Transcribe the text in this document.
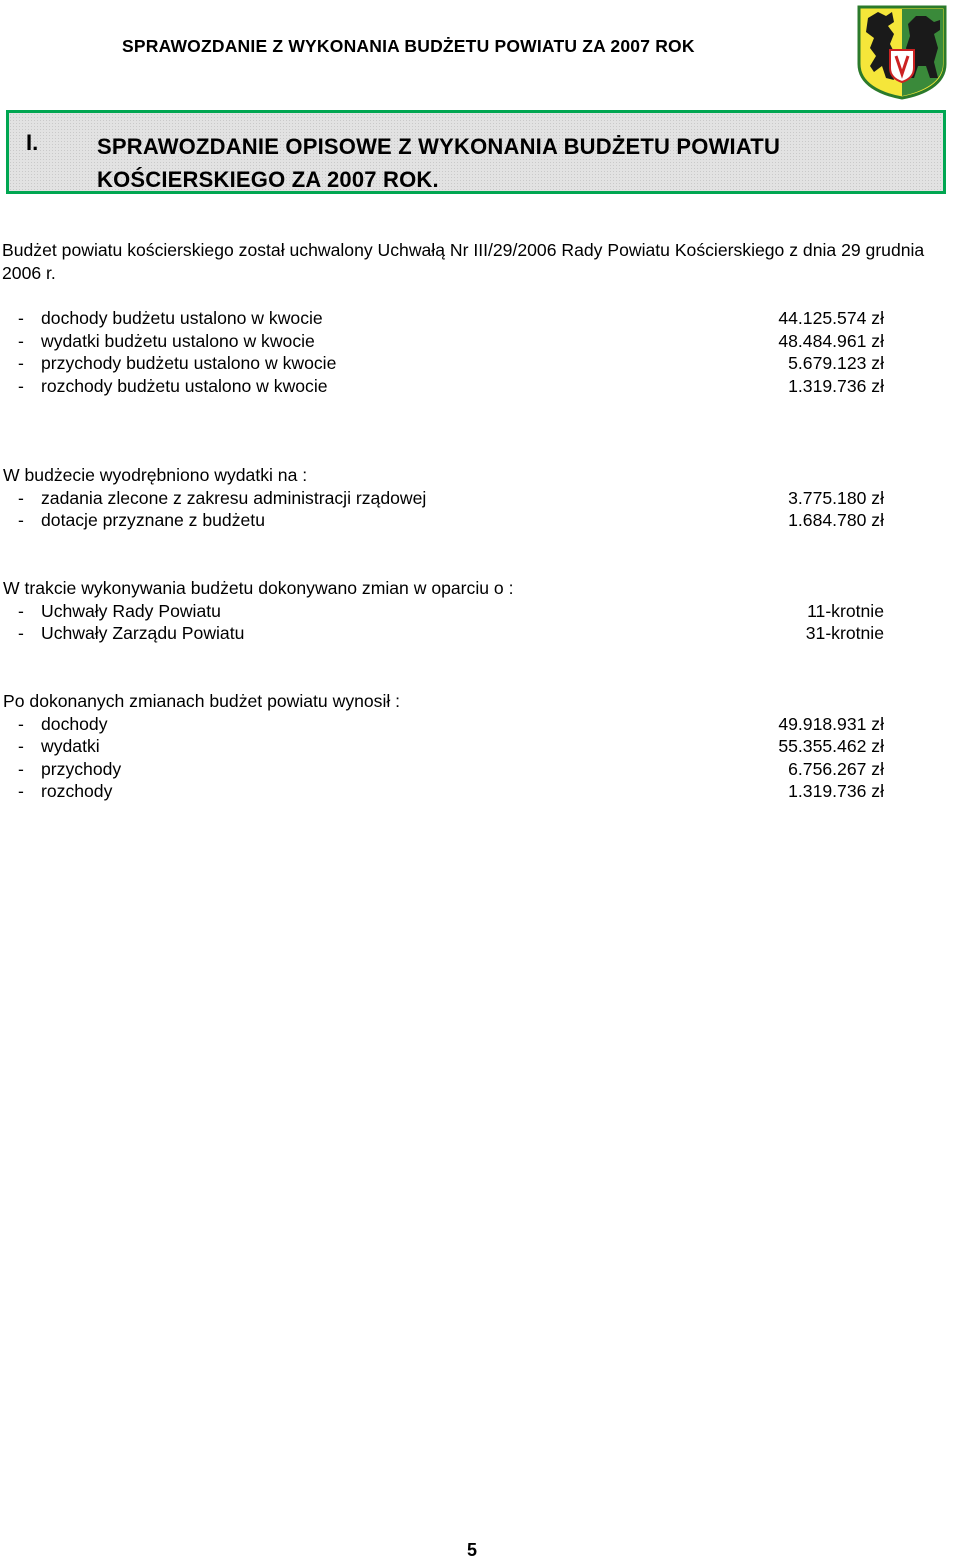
SPRAWOZDANIE Z WYKONANIA BUDŻETU POWIATU ZA 2007 ROK
I.	SPRAWOZDANIE OPISOWE Z WYKONANIA BUDŻETU POWIATU KOŚCIERSKIEGO ZA 2007 ROK.
Budżet powiatu kościerskiego został uchwalony Uchwałą Nr III/29/2006 Rady Powiatu Kościerskiego z dnia 29 grudnia 2006 r.
- dochody budżetu ustalono w kwocie	44.125.574 zł
- wydatki budżetu ustalono w kwocie	48.484.961 zł
- przychody budżetu ustalono w kwocie	5.679.123 zł
- rozchody budżetu ustalono w kwocie	1.319.736 zł
W budżecie wyodrębniono wydatki na :
- zadania zlecone z zakresu administracji rządowej	3.775.180 zł
- dotacje przyznane z budżetu	1.684.780 zł
W trakcie wykonywania budżetu dokonywano zmian w oparciu o :
- Uchwały Rady Powiatu	11-krotnie
- Uchwały Zarządu Powiatu	31-krotnie
Po dokonanych zmianach budżet powiatu wynosił :
- dochody	49.918.931 zł
- wydatki	55.355.462 zł
- przychody	6.756.267 zł
- rozchody	1.319.736 zł
5
